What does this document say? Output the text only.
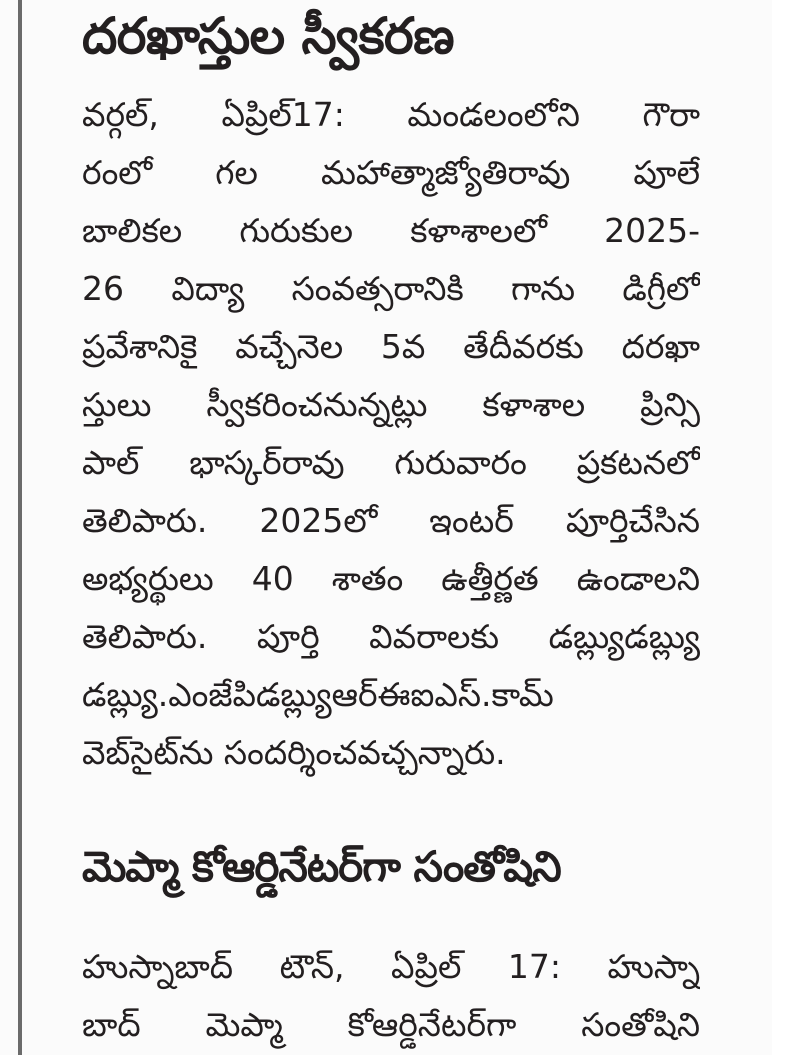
దరఖాస్తుల స్వీకరణ
వర్గల్, ఏప్రిల్17: మండలంలోని గౌరా
రంలో గల మహాత్మాజ్యోతిరావు పూలే
బాలికల గురుకుల కళాశాలలో 2025-
26 విద్యా సంవత్సరానికి గాను డిగ్రీలో
ప్రవేశానికై వచ్చేనెల 5వ తేదీవరకు దరఖా
స్తులు స్వీకరించనున్నట్లు కళాశాల ప్రిన్సి
పాల్ భాస్కర్‌రావు గురువారం ప్రకటనలో
తెలిపారు. 2025లో ఇంటర్ పూర్తిచేసిన
అభ్యర్థులు 40 శాతం ఉత్తీర్ణత ఉండాలని
తెలిపారు. పూర్తి వివరాలకు డబ్ల్యుడబ్ల్యు
డబ్ల్యు.ఎంజేపిడబ్ల్యుఆర్‌ఈఐఎస్.కామ్
వెబ్‌సైట్‌ను సందర్శించవచ్చన్నారు.
మెప్మా కోఆర్డినేటర్‌గా సంతోషిని
హుస్నాబాద్ టౌన్, ఏప్రిల్ 17: హుస్నా
బాద్ మెప్మా కోఆర్డినేటర్‌గా సంతోషిని
